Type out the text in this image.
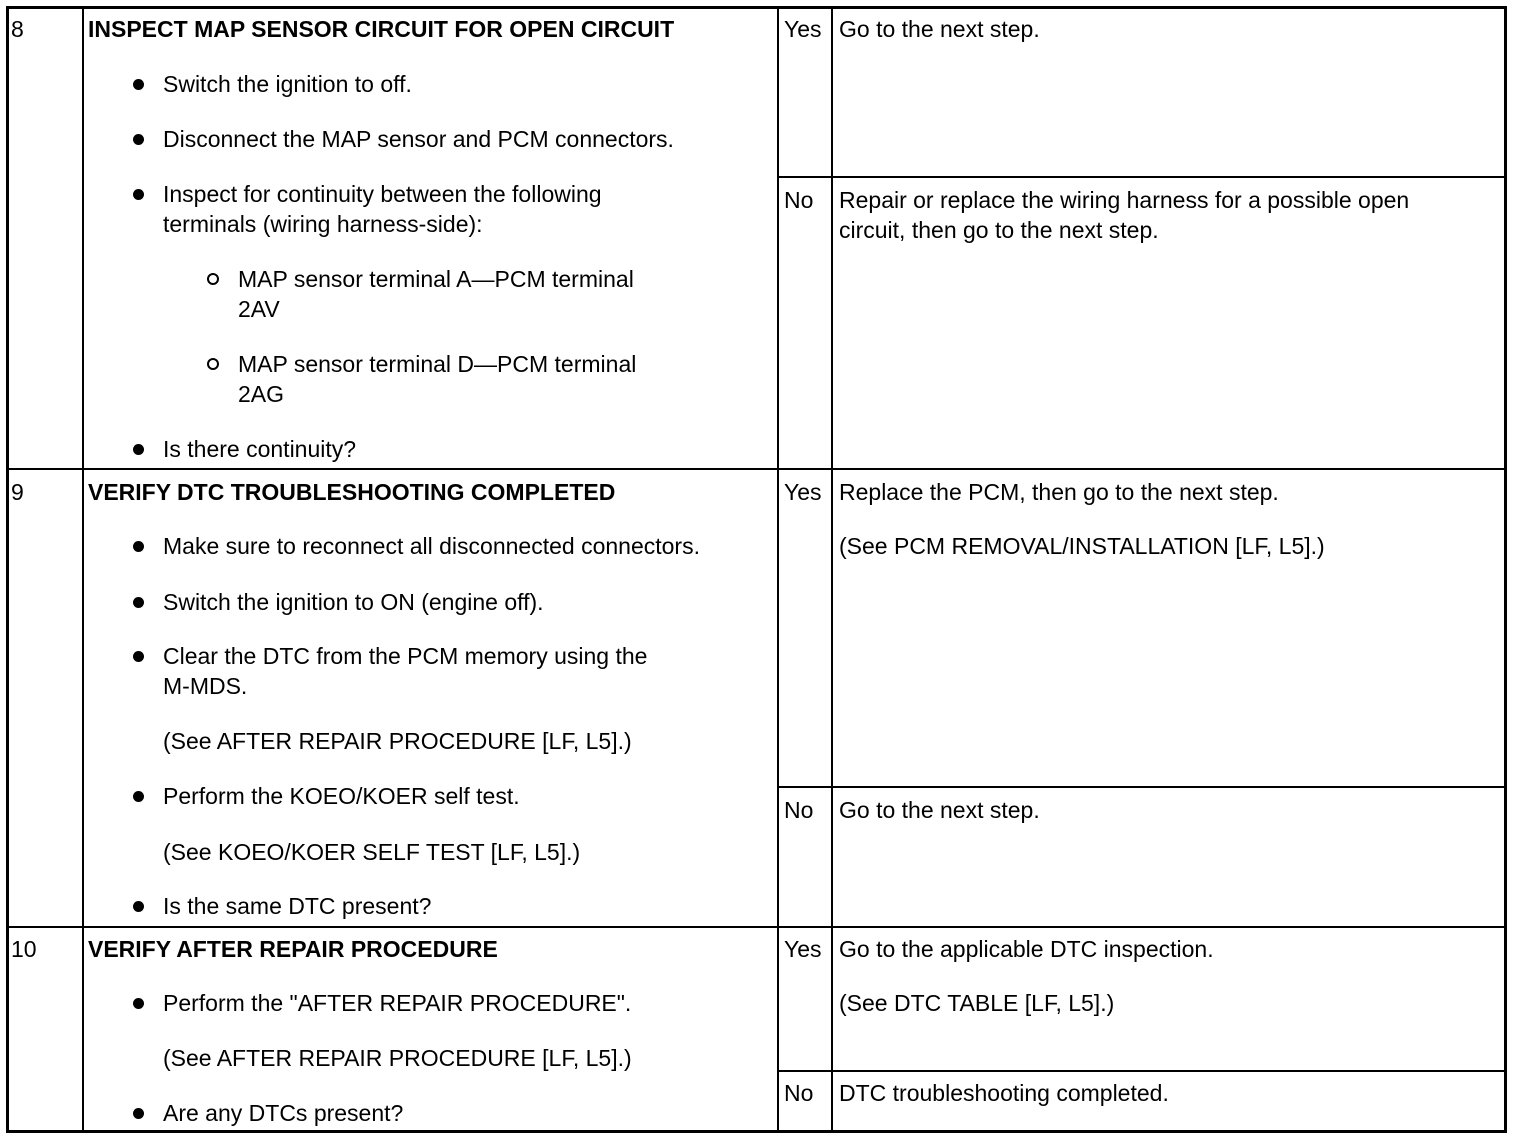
8	INSPECT MAP SENSOR CIRCUIT FOR OPEN CIRCUIT
Switch the ignition to off.
Disconnect the MAP sensor and PCM connectors.
Inspect for continuity between the following
terminals (wiring harness-side):
MAP sensor terminal A—PCM terminal
2AV
MAP sensor terminal D—PCM terminal
2AG
Is there continuity?
Yes Go to the next step.
No Repair or replace the wiring harness for a possible open
circuit, then go to the next step.
9	VERIFY DTC TROUBLESHOOTING COMPLETED
Make sure to reconnect all disconnected connectors.
Switch the ignition to ON (engine off).
Clear the DTC from the PCM memory using the
M-MDS.
(See AFTER REPAIR PROCEDURE [LF, L5].)
Perform the KOEO/KOER self test.
(See KOEO/KOER SELF TEST [LF, L5].)
Is the same DTC present?
Yes Replace the PCM, then go to the next step.
(See PCM REMOVAL/INSTALLATION [LF, L5].)
No Go to the next step.
10 VERIFY AFTER REPAIR PROCEDURE
Perform the "AFTER REPAIR PROCEDURE".
(See AFTER REPAIR PROCEDURE [LF, L5].)
Are any DTCs present?
Yes Go to the applicable DTC inspection.
(See DTC TABLE [LF, L5].)
No DTC troubleshooting completed.
